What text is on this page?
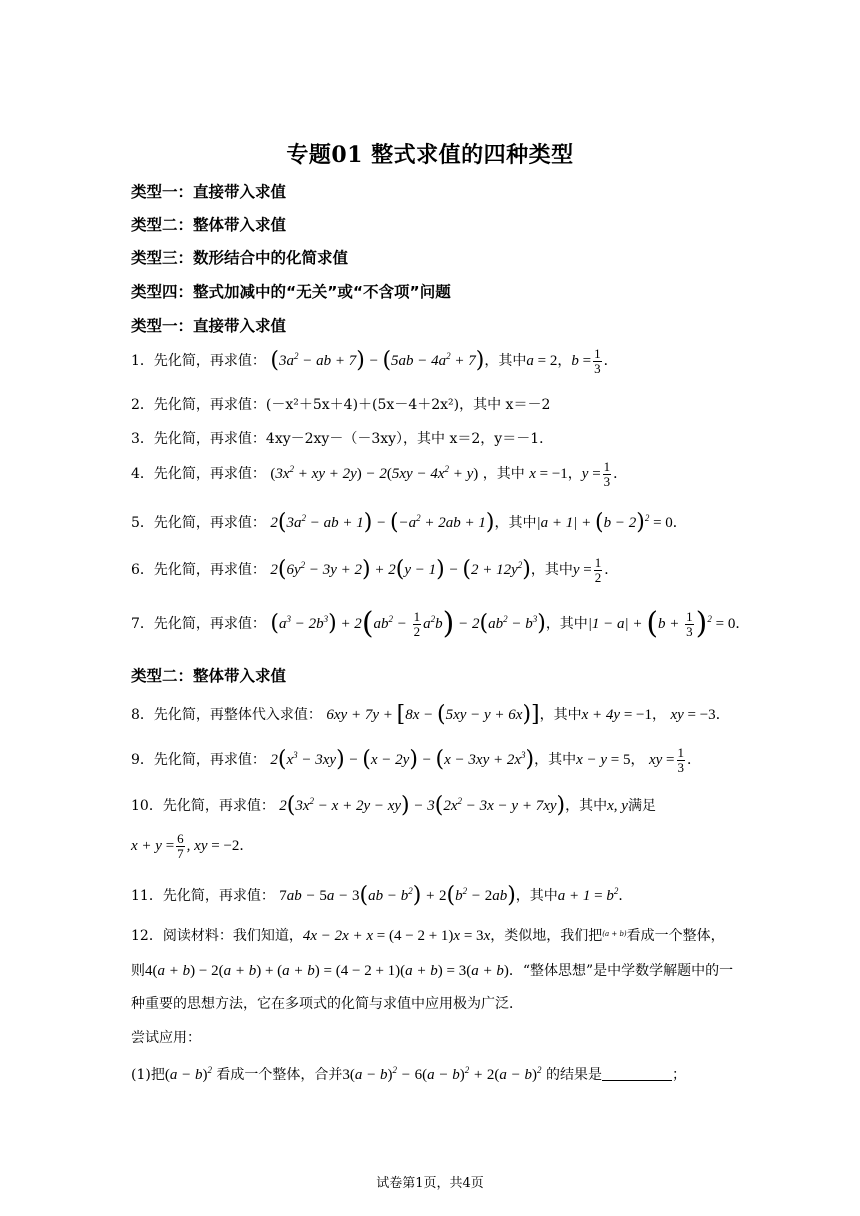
专题01 整式求值的四种类型
类型一：直接带入求值
类型二：整体带入求值
类型三：数形结合中的化简求值
类型四：整式加减中的“无关”或“不含项”问题
类型一：直接带入求值
1．先化简，再求值： ($3a^2$ − ab + $7) - (5ab - 4a^2 + 7)$，其中a = 2，$b = \frac{1}{3}$ ．
2．先化简，再求值：(－x²＋5x＋4)＋(5x－4＋2x²)，其中 x＝－2
3．先化简，再求值：4xy－2xy－（－3xy），其中 x＝2，y＝－1．
4．先化简，再求值： ($3x^2$ + xy + $2y) - 2(5xy - 4x^2 + y)$ ，其中 x = −1，$y = \frac{1}{3}$ ．
5．先化简，再求值： $2(3a^2$ − ab + $1) - (-a^2 + 2ab + 1)$，其中$|a + 1| + (b - 2)^2 = 0$．
6．先化简，再求值： $2(6y^2 - 3y + 2) + 2(y - 1) - (2 + 12y^2)$，其中$y = \frac{1}{2}$ ．
7．先化简，再求值： $(a^3 - 2b^3) + 2(ab^2 - \frac{1}{2} a^2b) - 2(ab^2 - b^3)$，其中$|1 - a| + (b + \frac{1}{3} )^2 = 0$．
类型二：整体带入求值
8．先化简，再整体代入求值： 6xy + 7y + [8x − (5xy − y + 6x)]，其中x + 4y = −1， xy = −3．
9．先化简，再求值： $2(x^3 - 3xy) - (x - 2y) - (x - 3xy + 2x^3)$，其中x − y = 5， xy = $\frac{1}{3}$ ．
10．先化简，再求值： $2(3x^2 - x + 2y - xy) - 3(2x^2 - 3x - y + 7xy)$，其中x, y满足
$x + y = \frac{6}{7}$ , xy = −2．
11．先化简，再求值： $7ab - 5a - 3(ab - b^2) + 2(b^2 - 2ab)$，其中$a + 1 = b^2$．
12．阅读材料：我们知道，4x − 2x + x = (4 − 2 + 1)x = 3x，类似地，我们把$^{(a + b)}$看成一个整体，
则4(a + b) − 2(a + b) + (a + b) = (4 − 2 + 1)(a + b) = 3(a + b)．“整体思想”是中学数学解题中的一
种重要的思想方法，它在多项式的化简与求值中应用极为广泛．
尝试应用：
(1)把$(a - b)^2$ 看成一个整体，合并$3(a - b)^2 - 6(a - b)^2 + 2(a - b)^2$ 的结果是	；
试卷第1页，共4页
